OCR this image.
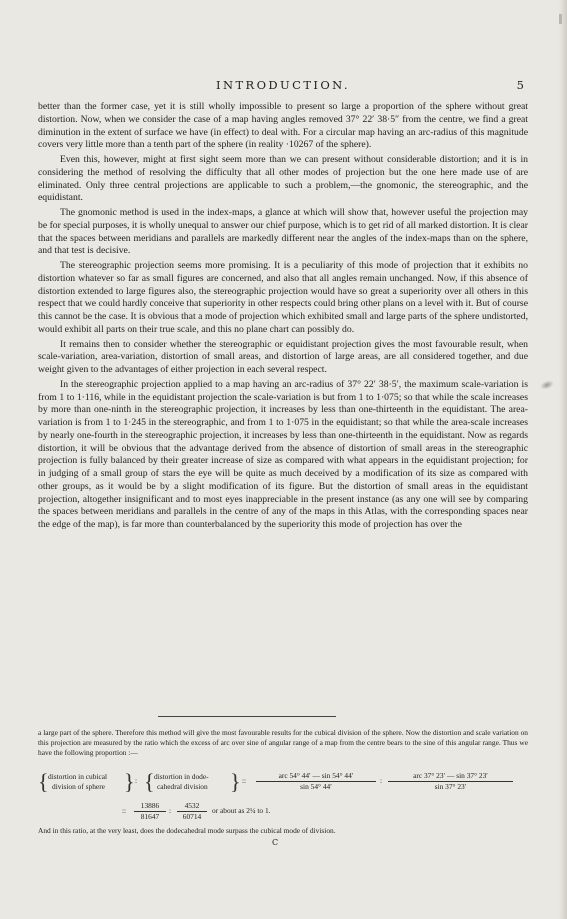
INTRODUCTION.	5

better than the former case, yet it is still wholly impossible to present so large a proportion of the sphere without great distortion. Now, when we consider the case of a map having angles removed 37° 22′ 38·5″ from the centre, we find a great diminution in the extent of surface we have (in effect) to deal with. For a circular map having an arc-radius of this magnitude covers very little more than a tenth part of the sphere (in reality ·10267 of the sphere).

Even this, however, might at first sight seem more than we can present without considerable distortion; and it is in considering the method of resolving the difficulty that all other modes of projection but the one here made use of are eliminated. Only three central projections are applicable to such a problem,—the gnomonic, the stereographic, and the equidistant.

The gnomonic method is used in the index-maps, a glance at which will show that, however useful the projection may be for special purposes, it is wholly unequal to answer our chief purpose, which is to get rid of all marked distortion. It is clear that the spaces between meridians and parallels are markedly different near the angles of the index-maps than on the sphere, and that test is decisive.

The stereographic projection seems more promising. It is a peculiarity of this mode of projection that it exhibits no distortion whatever so far as small figures are concerned, and also that all angles remain unchanged. Now, if this absence of distortion extended to large figures also, the stereographic projection would have so great a superiority over all others in this respect that we could hardly conceive that superiority in other respects could bring other plans on a level with it. But of course this cannot be the case. It is obvious that a mode of projection which exhibited small and large parts of the sphere undistorted, would exhibit all parts on their true scale, and this no plane chart can possibly do.

It remains then to consider whether the stereographic or equidistant projection gives the most favourable result, when scale-variation, area-variation, distortion of small areas, and distortion of large areas, are all considered together, and due weight given to the advantages of either projection in each several respect.

In the stereographic projection applied to a map having an arc-radius of 37° 22′ 38·5′, the maximum scale-variation is from 1 to 1·116, while in the equidistant projection the scale-variation is but from 1 to 1·075; so that while the scale increases by more than one-ninth in the stereographic projection, it increases by less than one-thirteenth in the equidistant. The area-variation is from 1 to 1·245 in the stereographic, and from 1 to 1·075 in the equidistant; so that while the area-scale increases by nearly one-fourth in the stereographic projection, it increases by less than one-thirteenth in the equidistant. Now as regards distortion, it will be obvious that the advantage derived from the absence of distortion of small areas in the stereographic projection is fully balanced by their greater increase of size as compared with what appears in the equidistant projection; for in judging of a small group of stars the eye will be quite as much deceived by a modification of its size as compared with other groups, as it would be by a slight modification of its figure. But the distortion of small areas in the equidistant projection, altogether insignificant and to most eyes inappreciable in the present instance (as any one will see by comparing the spaces between meridians and parallels in the centre of any of the maps in this Atlas, with the corresponding spaces near the edge of the map), is far more than counterbalanced by the superiority this mode of projection has over the

a large part of the sphere. Therefore this method will give the most favourable results for the cubical division of the sphere. Now the distortion and scale variation on this projection are measured by the ratio which the excess of arc over sine of angular range of a map from the centre bears to the sine of this angular range. Thus we have the following proportion :—

{ distortion in cubical
division of sphere } : { distortion in dode-
cahedral division } ::
arc 54° 44′ — sin 54° 44′
sin 54° 44′
:
arc 37° 23′ — sin 37° 23′
sin 37° 23′
:: $\frac{13886}{81647}$ : $\frac{4532}{60714}$ or about as 2¼ to 1.
And in this ratio, at the very least, does the dodecahedral mode surpass the cubical mode of division.
C
